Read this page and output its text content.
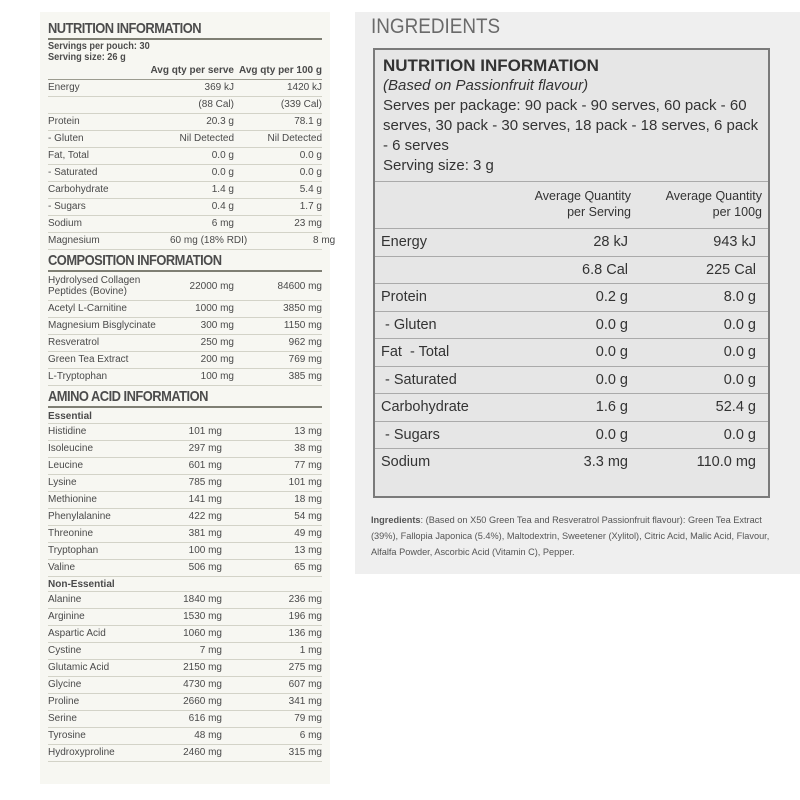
NUTRITION INFORMATION
Servings per pouch: 30
Serving size: 26 g
Avg qty per serve Avg qty per 100 g
Energy	369 kJ	1420 kJ
(88 Cal)	(339 Cal)
Protein	20.3 g	78.1 g
- Gluten	Nil Detected	Nil Detected
Fat, Total	0.0 g	0.0 g
- Saturated	0.0 g	0.0 g
Carbohydrate	1.4 g	5.4 g
- Sugars	0.4 g	1.7 g
Sodium	6 mg	23 mg
Magnesium	60 mg (18% RDI)	8 mg
COMPOSITION INFORMATION
Hydrolysed Collagen Peptides (Bovine)	22000 mg	84600 mg
Acetyl L-Carnitine	1000 mg	3850 mg
Magnesium Bisglycinate	300 mg	1150 mg
Resveratrol	250 mg	962 mg
Green Tea Extract	200 mg	769 mg
L-Tryptophan	100 mg	385 mg
AMINO ACID INFORMATION
Essential
Histidine	101 mg	13 mg
Isoleucine	297 mg	38 mg
Leucine	601 mg	77 mg
Lysine	785 mg	101 mg
Methionine	141 mg	18 mg
Phenylalanine	422 mg	54 mg
Threonine	381 mg	49 mg
Tryptophan	100 mg	13 mg
Valine	506 mg	65 mg
Non-Essential
Alanine	1840 mg	236 mg
Arginine	1530 mg	196 mg
Aspartic Acid	1060 mg	136 mg
Cystine	7 mg	1 mg
Glutamic Acid	2150 mg	275 mg
Glycine	4730 mg	607 mg
Proline	2660 mg	341 mg
Serine	616 mg	79 mg
Tyrosine	48 mg	6 mg
Hydroxyproline	2460 mg	315 mg
INGREDIENTS
NUTRITION INFORMATION
(Based on Passionfruit flavour)
Serves per package: 90 pack - 90 serves, 60 pack - 60 serves, 30 pack - 30 serves, 18 pack - 18 serves, 6 pack - 6 serves
Serving size: 3 g
Average Quantity
per Serving
Average Quantity
per 100g
Energy	28 kJ	943 kJ
6.8 Cal	225 Cal
Protein	0.2 g	8.0 g
- Gluten	0.0 g	0.0 g
Fat  - Total	0.0 g	0.0 g
- Saturated	0.0 g	0.0 g
Carbohydrate	1.6 g	52.4 g
- Sugars	0.0 g	0.0 g
Sodium	3.3 mg	110.0 mg
Ingredients: (Based on X50 Green Tea and Resveratrol Passionfruit flavour): Green Tea Extract (39%), Fallopia Japonica (5.4%), Maltodextrin, Sweetener (Xylitol), Citric Acid, Malic Acid, Flavour, Alfalfa Powder, Ascorbic Acid (Vitamin C), Pepper.
